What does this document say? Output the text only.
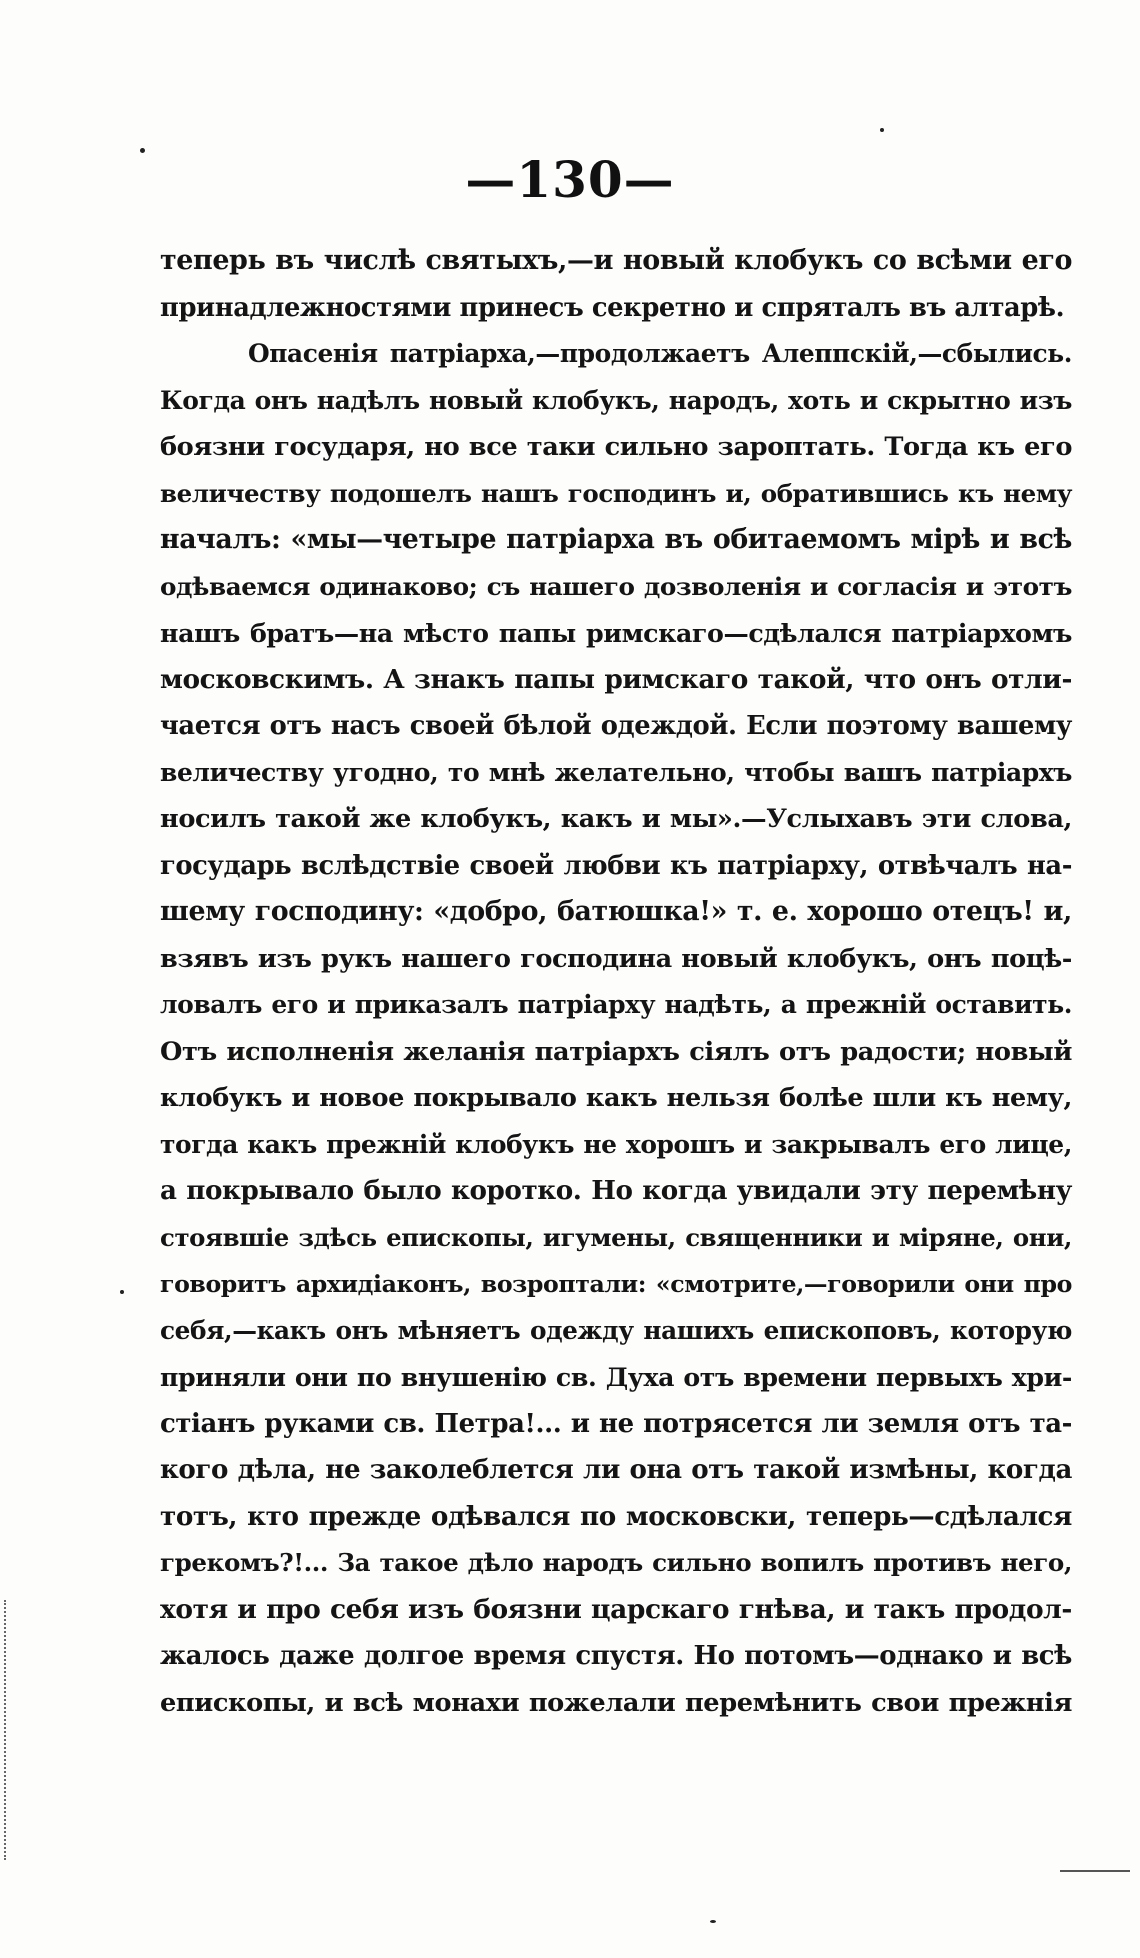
—130—
теперь въ числѣ святыхъ,—и новый клобукъ со всѣми его
принадлежностями принесъ секретно и спряталъ въ алтарѣ.
Опасенія патріарха,—продолжаетъ Алеппскій,—сбылись.
Когда онъ надѣлъ новый клобукъ, народъ, хоть и скрытно изъ
боязни государя, но все таки сильно зароптать. Тогда къ его
величеству подошелъ нашъ господинъ и, обратившись къ нему
началъ: «мы—четыре патріарха въ обитаемомъ мірѣ и всѣ
одѣваемся одинаково; съ нашего дозволенія и согласія и этотъ
нашъ братъ—на мѣсто папы римскаго—сдѣлался патріархомъ
московскимъ. А знакъ папы римскаго такой, что онъ отли-
чается отъ насъ своей бѣлой одеждой. Если поэтому вашему
величеству угодно, то мнѣ желательно, чтобы вашъ патріархъ
носилъ такой же клобукъ, какъ и мы».—Услыхавъ эти слова,
государь вслѣдствіе своей любви къ патріарху, отвѣчалъ на-
шему господину: «добро, батюшка!» т. е. хорошо отецъ! и,
взявъ изъ рукъ нашего господина новый клобукъ, онъ поцѣ-
ловалъ его и приказалъ патріарху надѣть, а прежній оставить.
Отъ исполненія желанія патріархъ сіялъ отъ радости; новый
клобукъ и новое покрывало какъ нельзя болѣе шли къ нему,
тогда какъ прежній клобукъ не хорошъ и закрывалъ его лице,
а покрывало было коротко. Но когда увидали эту перемѣну
стоявшіе здѣсь епископы, игумены, священники и міряне, они,
говоритъ архидіаконъ, возроптали: «смотрите,—говорили они про
себя,—какъ онъ мѣняетъ одежду нашихъ епископовъ, которую
приняли они по внушенію св. Духа отъ времени первыхъ хри-
стіанъ руками св. Петра!... и не потрясется ли земля отъ та-
кого дѣла, не заколеблется ли она отъ такой измѣны, когда
тотъ, кто прежде одѣвался по московски, теперь—сдѣлался
грекомъ?!... За такое дѣло народъ сильно вопилъ противъ него,
хотя и про себя изъ боязни царскаго гнѣва, и такъ продол-
жалось даже долгое время спустя. Но потомъ—однако и всѣ
епископы, и всѣ монахи пожелали перемѣнить свои прежнія
